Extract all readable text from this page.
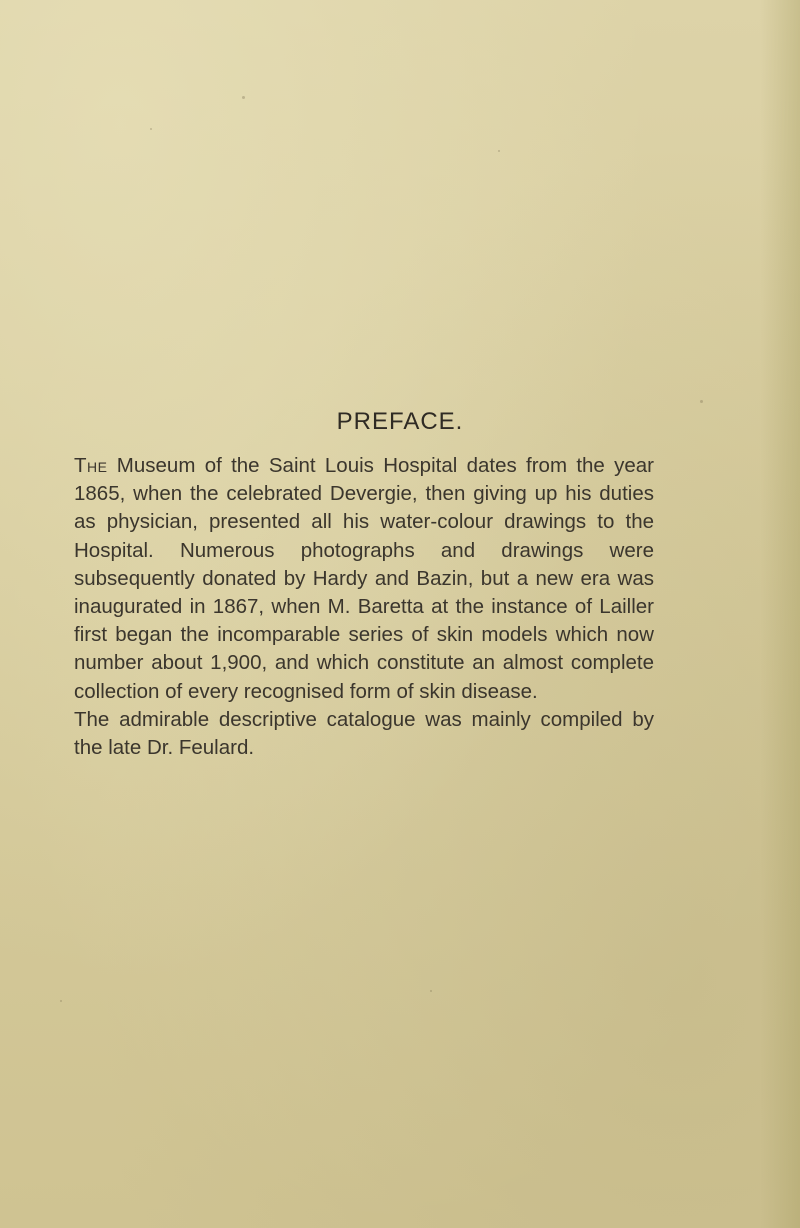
PREFACE.

The Museum of the Saint Louis Hospital dates from the year 1865, when the celebrated Devergie, then giving up his duties as physician, presented all his water-colour drawings to the Hospital. Numerous photographs and drawings were subsequently donated by Hardy and Bazin, but a new era was inaugurated in 1867, when M. Baretta at the instance of Lailler first began the incomparable series of skin models which now number about 1,900, and which constitute an almost complete collection of every recognised form of skin disease.

The admirable descriptive catalogue was mainly compiled by the late Dr. Feulard.
